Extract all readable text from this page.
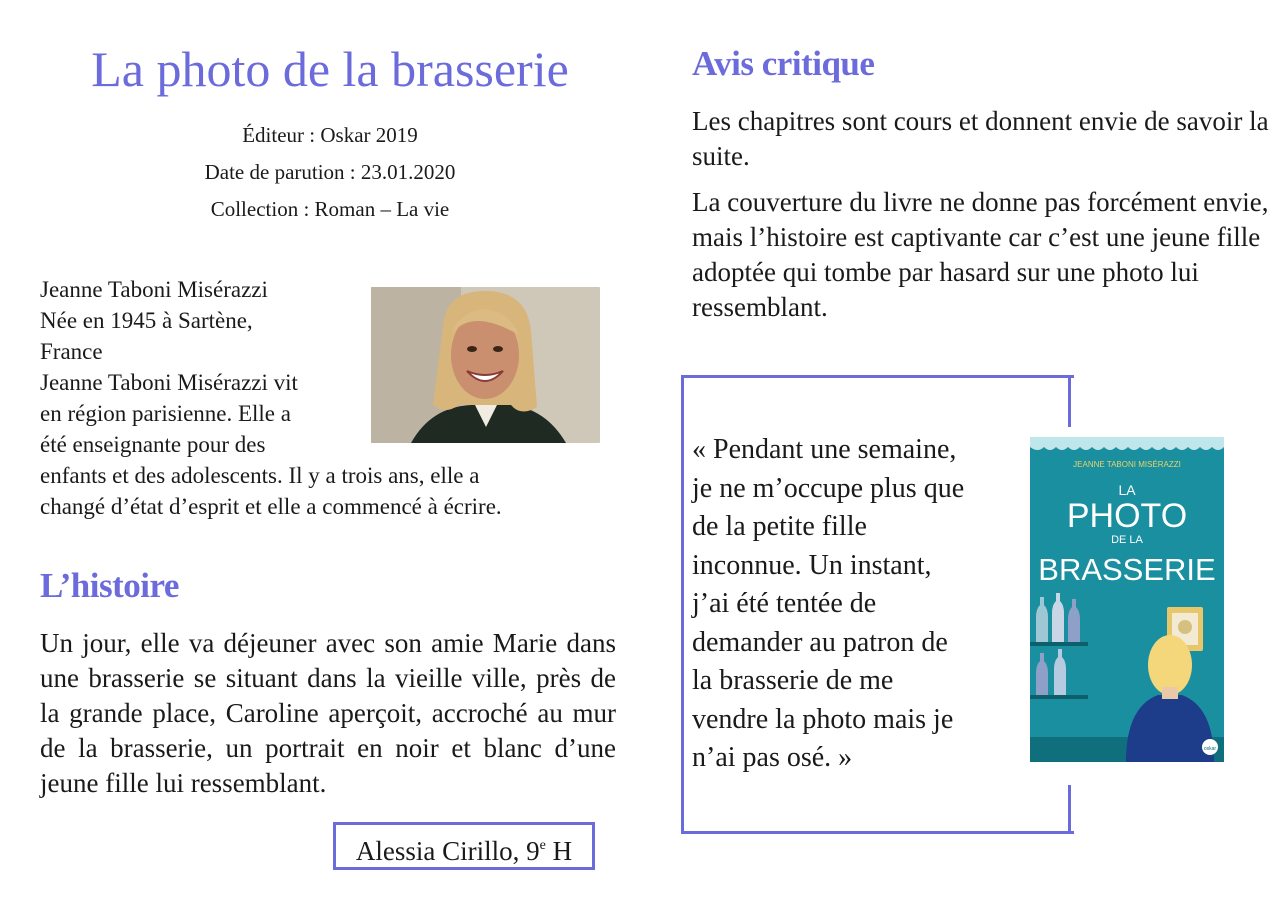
La photo de la brasserie
Éditeur : Oskar 2019
Date de parution : 23.01.2020
Collection : Roman – La vie
Jeanne Taboni Misérazzi
Née en 1945 à Sartène,
France
Jeanne Taboni Misérazzi vit
en région parisienne. Elle a
été enseignante pour des
enfants et des adolescents. Il y a trois ans, elle a
changé d’état d’esprit et elle a commencé à écrire.
L’histoire
Un jour, elle va déjeuner avec son amie Marie dans une brasserie se situant dans la vieille ville, près de la grande place, Caroline aperçoit, accroché au mur de la brasserie, un portrait en noir et blanc d’une jeune fille lui ressemblant.
Alessia Cirillo, 9e H
Avis critique

Les chapitres sont cours et donnent envie de savoir la suite.

La couverture du livre ne donne pas forcément envie, mais l’histoire est captivante car c’est une jeune fille adoptée qui tombe par hasard sur une photo lui ressemblant.

« Pendant une semaine,
je ne m’occupe plus que
de la petite fille
inconnue. Un instant,
j’ai été tentée de
demander au patron de
la brasserie de me
vendre la photo mais je
n’ai pas osé. »
JEANNE TABONI MISÉRAZZI
LA
PHOTO
DE LA
BRASSERIE
oskar
